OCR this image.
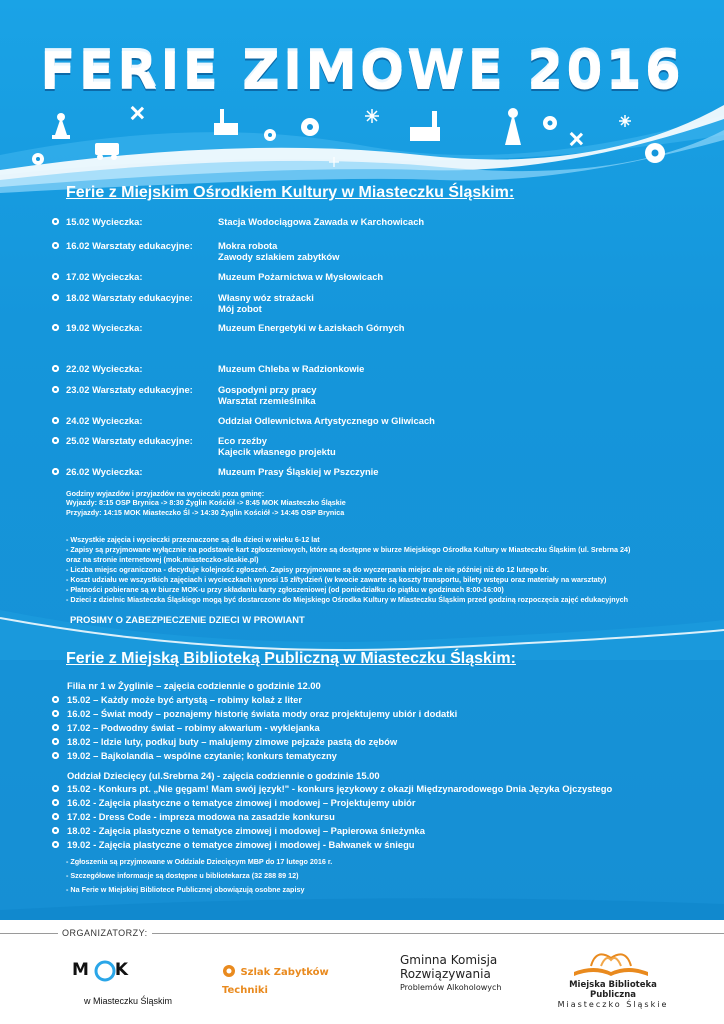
FERIE ZIMOWE 2016
Ferie z Miejskim Ośrodkiem Kultury w Miasteczku Śląskim:
15.02 Wycieczka:	Stacja Wodociągowa Zawada w Karchowicach
16.02 Warsztaty edukacyjne:	Mokra robota
Zawody szlakiem zabytków
17.02 Wycieczka:	Muzeum Pożarnictwa w Mysłowicach
18.02 Warsztaty edukacyjne:	Własny wóz strażacki
Mój zobot
19.02 Wycieczka:	Muzeum Energetyki w Łaziskach Górnych
22.02 Wycieczka:	Muzeum Chleba w Radzionkowie
23.02 Warsztaty edukacyjne:	Gospodyni przy pracy
Warsztat rzemieślnika
24.02 Wycieczka:	Oddział Odlewnictwa Artystycznego w Gliwicach
25.02 Warsztaty edukacyjne:	Eco rzeźby
Kajecik własnego projektu
26.02 Wycieczka:	Muzeum Prasy Śląskiej w Pszczynie
Godziny wyjazdów i przyjazdów na wycieczki poza gminę:
Wyjazdy: 8:15 OSP Brynica -> 8:30 Żyglin Kościół -> 8:45 MOK Miasteczko Śląskie
Przyjazdy: 14:15 MOK Miasteczko Śl -> 14:30 Żyglin Kościół -> 14:45 OSP Brynica
- Wszystkie zajęcia i wycieczki przeznaczone są dla dzieci w wieku 6-12 lat
- Zapisy są przyjmowane wyłącznie na podstawie kart zgłoszeniowych, które są dostępne w biurze Miejskiego Ośrodka Kultury w Miasteczku Śląskim (ul. Srebrna 24)
oraz na stronie internetowej (mok.miasteczko-slaskie.pl)
- Liczba miejsc ograniczona - decyduje kolejność zgłoszeń. Zapisy przyjmowane są do wyczerpania miejsc ale nie później niż do 12 lutego br.
- Koszt udziału we wszystkich zajęciach i wycieczkach wynosi 15 zł/tydzień (w kwocie zawarte są koszty transportu, bilety wstępu oraz materiały na warsztaty)
- Płatności pobierane są w biurze MOK-u przy składaniu karty zgłoszeniowej (od poniedziałku do piątku w godzinach 8:00-16:00)
- Dzieci z dzielnic Miasteczka Śląskiego mogą być dostarczone do Miejskiego Ośrodka Kultury w Miasteczku Śląskim przed godziną rozpoczęcia zajęć edukacyjnych
PROSIMY O ZABEZPIECZENIE DZIECI W PROWIANT
Ferie z Miejską Biblioteką Publiczną w Miasteczku Śląskim:
Filia nr 1 w Żyglinie – zajęcia codziennie o godzinie 12.00
15.02 – Każdy może być artystą – robimy kolaż z liter
16.02 – Świat mody – poznajemy historię świata mody oraz projektujemy ubiór i dodatki
17.02 – Podwodny świat – robimy akwarium - wyklejanka
18.02 – Idzie luty, podkuj buty – malujemy zimowe pejzaże pastą do zębów
19.02 – Bajkolandia – wspólne czytanie; konkurs tematyczny
Oddział Dziecięcy (ul.Srebrna 24) - zajęcia codziennie o godzinie 15.00
15.02 - Konkurs pt. „Nie gęgam! Mam swój język!" - konkurs językowy z okazji Międzynarodowego Dnia Języka Ojczystego
16.02 - Zajęcia plastyczne o tematyce zimowej i modowej – Projektujemy ubiór
17.02 - Dress Code - impreza modowa na zasadzie konkursu
18.02 - Zajęcia plastyczne o tematyce zimowej i modowej – Papierowa śnieżynka
19.02 - Zajęcia plastyczne o tematyce zimowej i modowej - Bałwanek w śniegu
- Zgłoszenia są przyjmowane w Oddziale Dziecięcym MBP do 17 lutego 2016 r.
- Szczegółowe informacje są dostępne u bibliotekarza (32 288 89 12)
- Na Ferie w Miejskiej Bibliotece Publicznej obowiązują osobne zapisy
ORGANIZATORZY:
M K
w Miasteczku Śląskim
Szlak Zabytków Techniki
Gminna Komisja
Rozwiązywania
Problemów Alkoholowych	Miejska Biblioteka Publiczna
Miasteczko Śląskie
